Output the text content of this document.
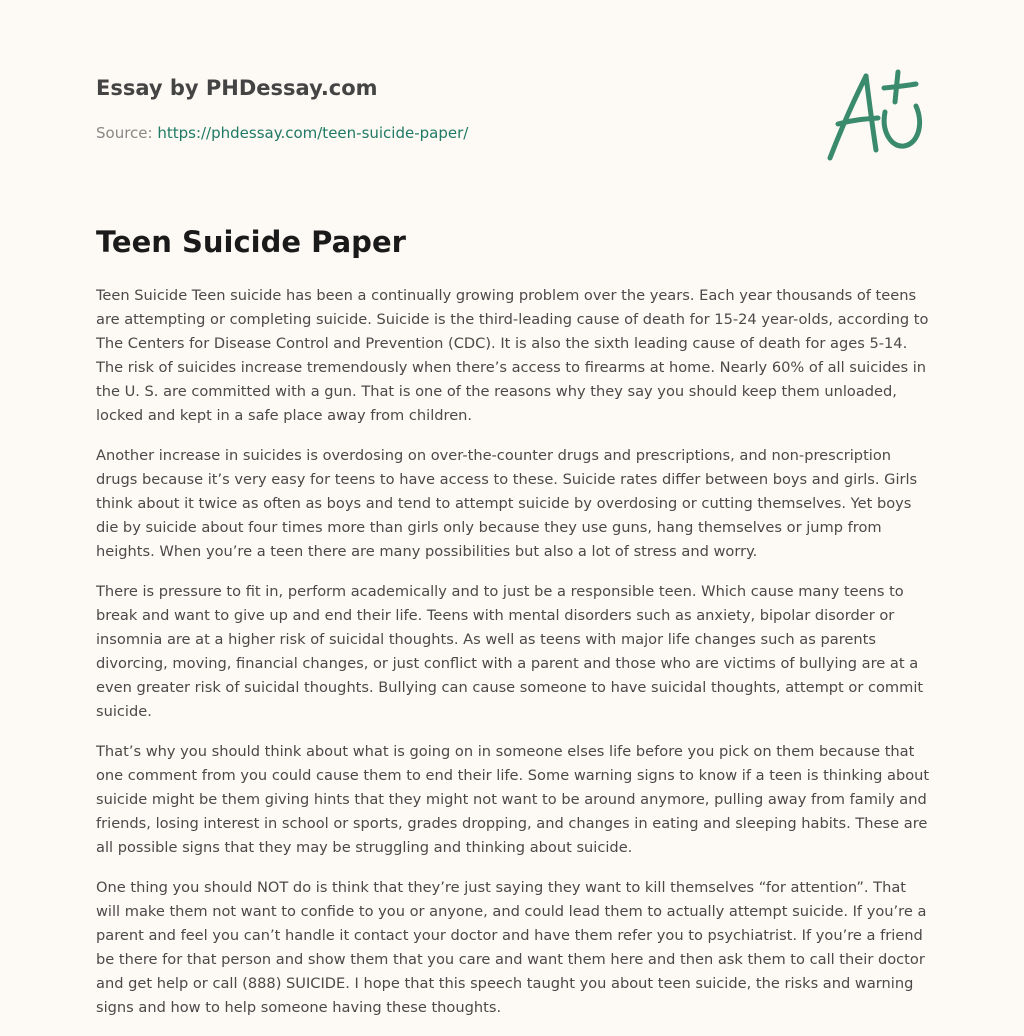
Essay by PHDessay.com
Source: https://phdessay.com/teen-suicide-paper/
Teen Suicide Paper

Teen Suicide Teen suicide has been a continually growing problem over the years. Each year thousands of teens are attempting or completing suicide. Suicide is the third-leading cause of death for 15-24 year-olds, according to The Centers for Disease Control and Prevention (CDC). It is also the sixth leading cause of death for ages 5-14. The risk of suicides increase tremendously when there’s access to firearms at home. Nearly 60% of all suicides in the U. S. are committed with a gun. That is one of the reasons why they say you should keep them unloaded, locked and kept in a safe place away from children.

Another increase in suicides is overdosing on over-the-counter drugs and prescriptions, and non-prescription drugs because it’s very easy for teens to have access to these. Suicide rates differ between boys and girls. Girls think about it twice as often as boys and tend to attempt suicide by overdosing or cutting themselves. Yet boys die by suicide about four times more than girls only because they use guns, hang themselves or jump from heights. When you’re a teen there are many possibilities but also a lot of stress and worry.

There is pressure to fit in, perform academically and to just be a responsible teen. Which cause many teens to break and want to give up and end their life. Teens with mental disorders such as anxiety, bipolar disorder or insomnia are at a higher risk of suicidal thoughts. As well as teens with major life changes such as parents divorcing, moving, financial changes, or just conflict with a parent and those who are victims of bullying are at a even greater risk of suicidal thoughts. Bullying can cause someone to have suicidal thoughts, attempt or commit suicide.

That’s why you should think about what is going on in someone elses life before you pick on them because that one comment from you could cause them to end their life. Some warning signs to know if a teen is thinking about suicide might be them giving hints that they might not want to be around anymore, pulling away from family and friends, losing interest in school or sports, grades dropping, and changes in eating and sleeping habits. These are all possible signs that they may be struggling and thinking about suicide.

One thing you should NOT do is think that they’re just saying they want to kill themselves “for attention”. That will make them not want to confide to you or anyone, and could lead them to actually attempt suicide. If you’re a parent and feel you can’t handle it contact your doctor and have them refer you to psychiatrist. If you’re a friend be there for that person and show them that you care and want them here and then ask them to call their doctor and get help or call (888) SUICIDE. I hope that this speech taught you about teen suicide, the risks and warning signs and how to help someone having these thoughts.
